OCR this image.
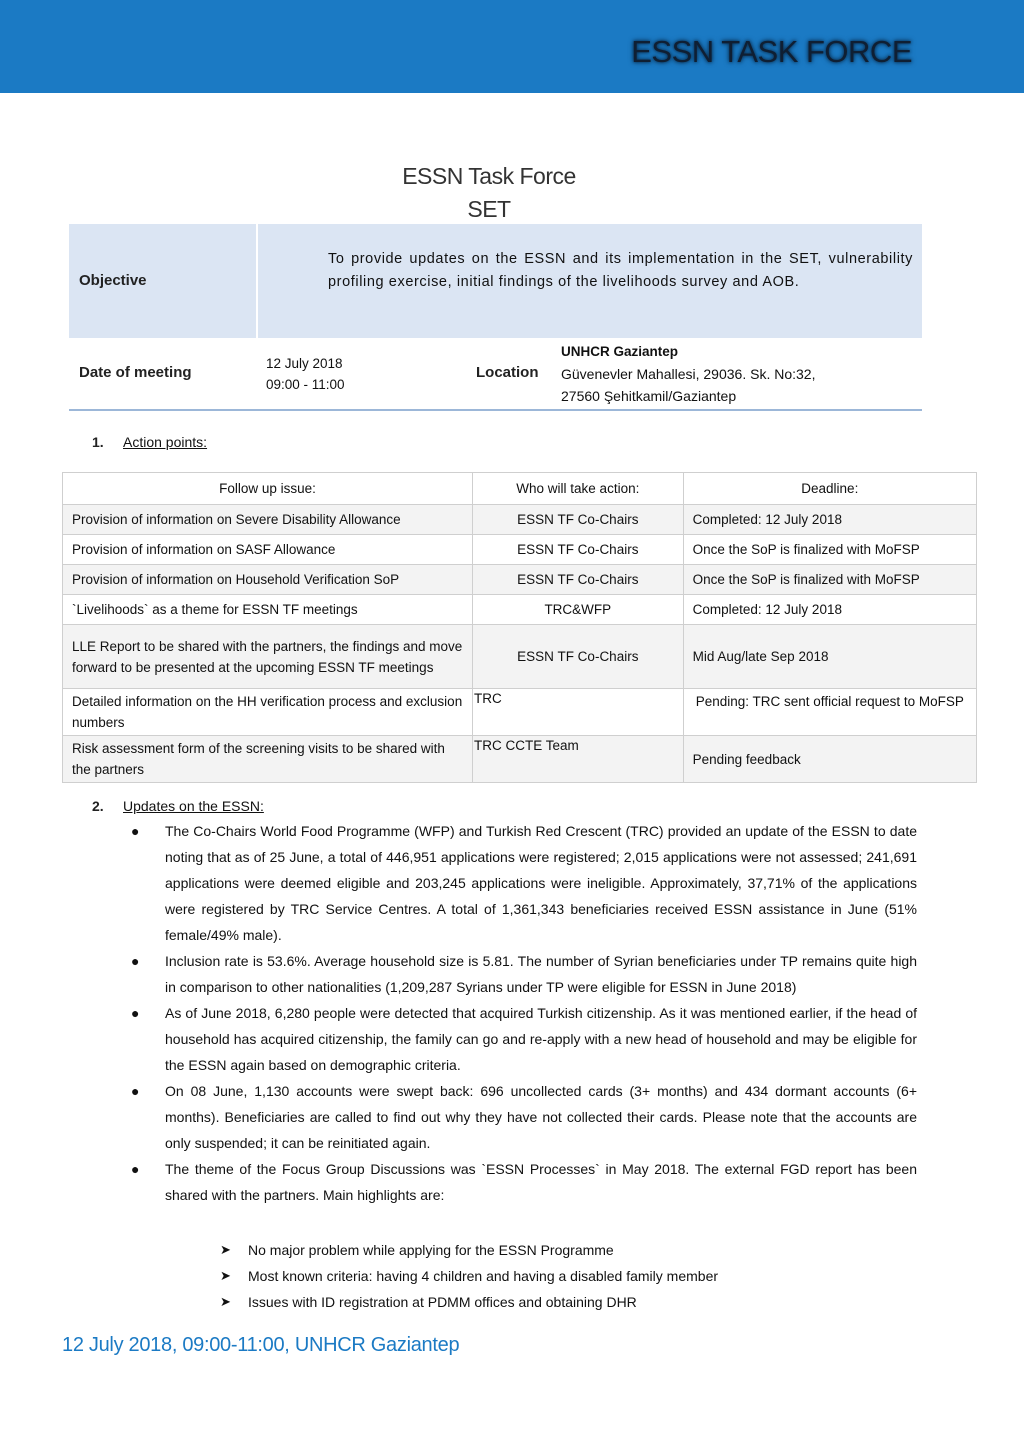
ESSN TASK FORCE
ESSN Task Force SET
Objective
To provide updates on the ESSN and its implementation in the SET, vulnerability profiling exercise, initial findings of the livelihoods survey and AOB.
Date of meeting
12 July 2018
09:00 - 11:00
Location
UNHCR Gaziantep
Güvenevler Mahallesi, 29036. Sk. No:32,
27560 Şehitkamil/Gaziantep
1. Action points:
Follow up issue:	Who will take action:	Deadline:
Provision of information on Severe Disability Allowance	ESSN TF Co-Chairs	Completed: 12 July 2018
Provision of information on SASF Allowance	ESSN TF Co-Chairs	Once the SoP is finalized with MoFSP
Provision of information on Household Verification SoP	ESSN TF Co-Chairs	Once the SoP is finalized with MoFSP
`Livelihoods` as a theme for ESSN TF meetings	TRC&WFP	Completed: 12 July 2018
LLE Report to be shared with the partners, the findings and move forward to be presented at the upcoming ESSN TF meetings	ESSN TF Co-Chairs	Mid Aug/late Sep 2018
Detailed information on the HH verification process and exclusion numbers	TRC	Pending: TRC sent official request to MoFSP
Risk assessment form of the screening visits to be shared with the partners	TRC CCTE Team	Pending feedback
2. Updates on the ESSN:
● The Co-Chairs World Food Programme (WFP) and Turkish Red Crescent (TRC) provided an update of the ESSN to date noting that as of 25 June, a total of 446,951 applications were registered; 2,015 applications were not assessed; 241,691 applications were deemed eligible and 203,245 applications were ineligible. Approximately, 37,71% of the applications were registered by TRC Service Centres. A total of 1,361,343 beneficiaries received ESSN assistance in June (51% female/49% male).
● Inclusion rate is 53.6%. Average household size is 5.81. The number of Syrian beneficiaries under TP remains quite high in comparison to other nationalities (1,209,287 Syrians under TP were eligible for ESSN in June 2018)
● As of June 2018, 6,280 people were detected that acquired Turkish citizenship. As it was mentioned earlier, if the head of household has acquired citizenship, the family can go and re-apply with a new head of household and may be eligible for the ESSN again based on demographic criteria.
● On 08 June, 1,130 accounts were swept back: 696 uncollected cards (3+ months) and 434 dormant accounts (6+ months). Beneficiaries are called to find out why they have not collected their cards. Please note that the accounts are only suspended; it can be reinitiated again.
● The theme of the Focus Group Discussions was `ESSN Processes` in May 2018. The external FGD report has been shared with the partners. Main highlights are:
➤ No major problem while applying for the ESSN Programme
➤ Most known criteria: having 4 children and having a disabled family member
➤ Issues with ID registration at PDMM offices and obtaining DHR
12 July 2018, 09:00-11:00, UNHCR Gaziantep
